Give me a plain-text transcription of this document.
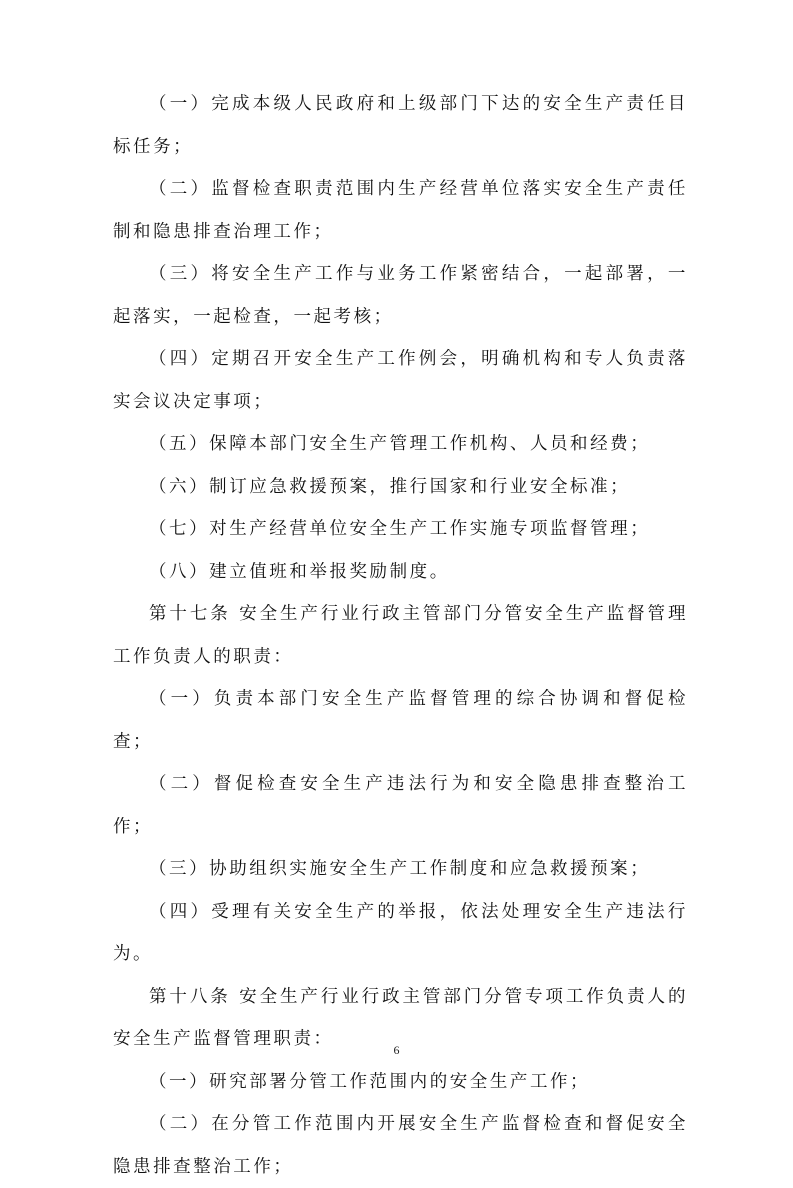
（一）完成本级人民政府和上级部门下达的安全生产责任目标任务；

（二）监督检查职责范围内生产经营单位落实安全生产责任制和隐患排查治理工作；

（三）将安全生产工作与业务工作紧密结合，一起部署，一起落实，一起检查，一起考核；

（四）定期召开安全生产工作例会，明确机构和专人负责落实会议决定事项；

（五）保障本部门安全生产管理工作机构、人员和经费；

（六）制订应急救援预案，推行国家和行业安全标准；

（七）对生产经营单位安全生产工作实施专项监督管理；

（八）建立值班和举报奖励制度。

第十七条 安全生产行业行政主管部门分管安全生产监督管理工作负责人的职责：

（一）负责本部门安全生产监督管理的综合协调和督促检查；

（二）督促检查安全生产违法行为和安全隐患排查整治工作；

（三）协助组织实施安全生产工作制度和应急救援预案；

（四）受理有关安全生产的举报，依法处理安全生产违法行为。

第十八条 安全生产行业行政主管部门分管专项工作负责人的安全生产监督管理职责：

（一）研究部署分管工作范围内的安全生产工作；

（二）在分管工作范围内开展安全生产监督检查和督促安全隐患排查整治工作；

6
